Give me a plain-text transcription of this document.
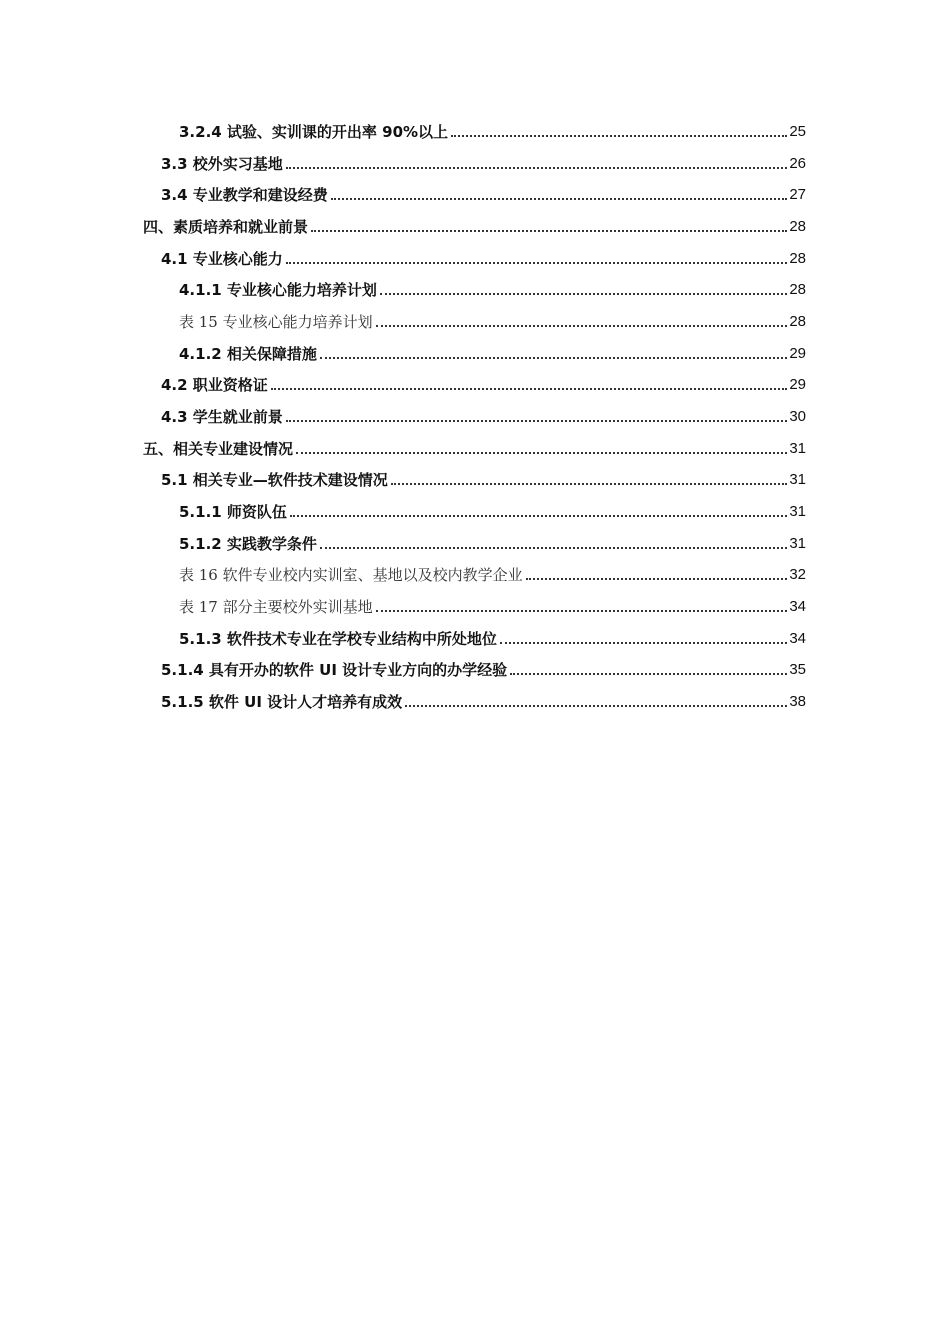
3.2.4 试验、实训课的开出率 90%以上	25
3.3 校外实习基地	26
3.4 专业教学和建设经费	27
四、素质培养和就业前景	28
4.1 专业核心能力	28
4.1.1 专业核心能力培养计划	28
表 15 专业核心能力培养计划	28
4.1.2 相关保障措施	29
4.2 职业资格证	29
4.3 学生就业前景	30
五、相关专业建设情况	31
5.1 相关专业—软件技术建设情况	31
5.1.1 师资队伍	31
5.1.2 实践教学条件	31
表 16 软件专业校内实训室、基地以及校内教学企业	32
表 17 部分主要校外实训基地	34
5.1.3 软件技术专业在学校专业结构中所处地位	34
5.1.4 具有开办的软件 UI 设计专业方向的办学经验	35
5.1.5 软件 UI 设计人才培养有成效	38
